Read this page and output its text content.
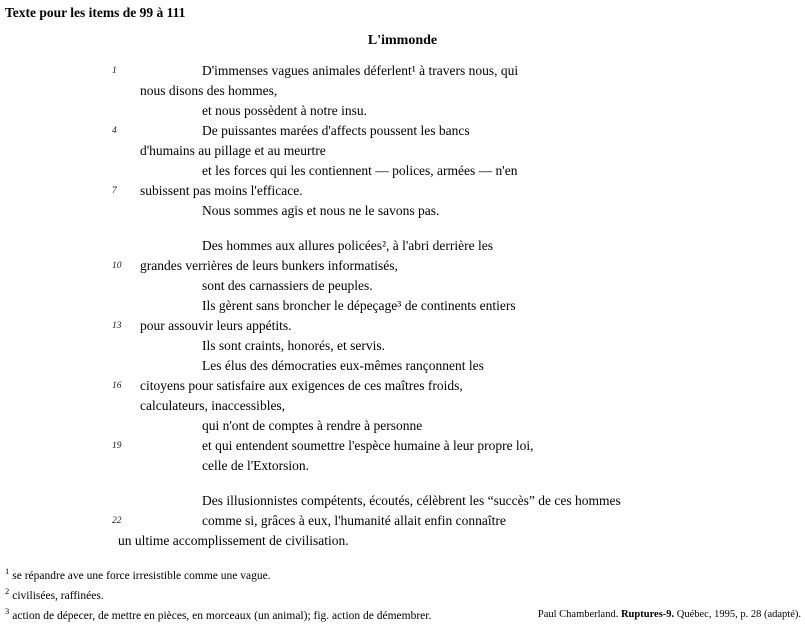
Texte pour les items de 99 à 111
L'immonde
1	D'immenses vagues animales déferlent¹ à travers nous, qui
nous disons des hommes,
et nous possèdent à notre insu.
4	De puissantes marées d'affects poussent les bancs
d'humains au pillage et au meurtre
et les forces qui les contiennent — polices, armées — n'en
7	subissent pas moins l'efficace.
Nous sommes agis et nous ne le savons pas.
Des hommes aux allures policées², à l'abri derrière les
10	grandes verrières de leurs bunkers informatisés,
sont des carnassiers de peuples.
Ils gèrent sans broncher le dépeçage³ de continents entiers
13	pour assouvir leurs appétits.
Ils sont craints, honorés, et servis.
Les élus des démocraties eux-mêmes rançonnent les
16	citoyens pour satisfaire aux exigences de ces maîtres froids,
calculateurs, inaccessibles,
qui n'ont de comptes à rendre à personne
19	et qui entendent soumettre l'espèce humaine à leur propre loi,
celle de l'Extorsion.
Des illusionnistes compétents, écoutés, célèbrent les “succès” de ces hommes
22	comme si, grâces à eux, l'humanité allait enfin connaître
un ultime accomplissement de civilisation.
$^1$ se répandre ave une force irresistible comme une vague.
$^2$ civilisées, raffinées.
$^3$ action de dépecer, de mettre en pièces, en morceaux (un animal); fig. action de démembrer.	Paul Chamberland. Ruptures-9. Québec, 1995, p. 28 (adapté).
